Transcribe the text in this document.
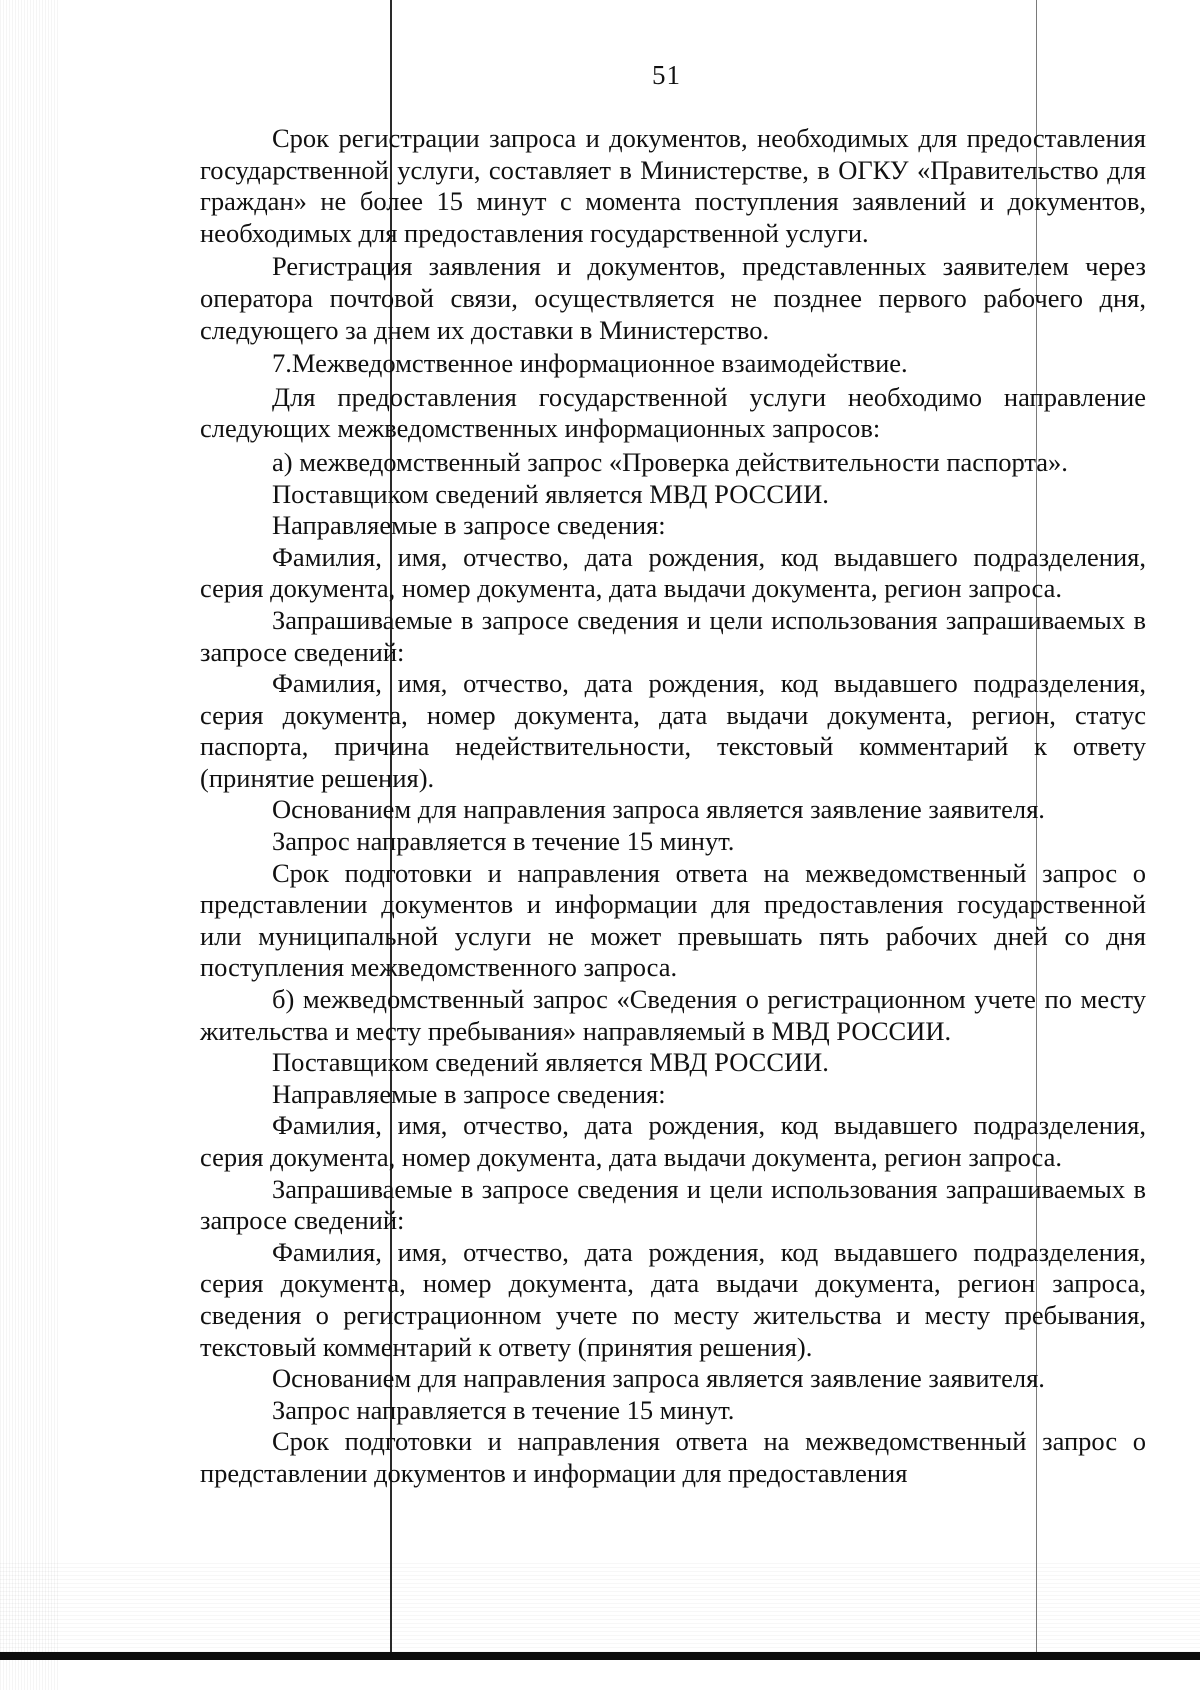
51

Срок регистрации запроса и документов, необходимых для предоставления государственной услуги, составляет в Министерстве, в ОГКУ «Правительство для граждан» не более 15 минут с момента поступления заявлений и документов, необходимых для предоставления государственной услуги.

Регистрация заявления и документов, представленных заявителем через оператора почтовой связи, осуществляется не позднее первого рабочего дня, следующего за днем их доставки в Министерство.

7.Межведомственное информационное взаимодействие.

Для предоставления государственной услуги необходимо направление следующих межведомственных информационных запросов:

а) межведомственный запрос «Проверка действительности паспорта».

Поставщиком сведений является МВД РОССИИ.

Направляемые в запросе сведения:

Фамилия, имя, отчество, дата рождения, код выдавшего подразделения, серия документа, номер документа, дата выдачи документа, регион запроса.

Запрашиваемые в запросе сведения и цели использования запрашиваемых в запросе сведений:

Фамилия, имя, отчество, дата рождения, код выдавшего подразделения, серия документа, номер документа, дата выдачи документа, регион, статус паспорта, причина недействительности, текстовый комментарий к ответу (принятие решения).

Основанием для направления запроса является заявление заявителя.

Запрос направляется в течение 15 минут.

Срок подготовки и направления ответа на межведомственный запрос о представлении документов и информации для предоставления государственной или муниципальной услуги не может превышать пять рабочих дней со дня поступления межведомственного запроса.

б) межведомственный запрос «Сведения о регистрационном учете по месту жительства и месту пребывания» направляемый в МВД РОССИИ.

Поставщиком сведений является МВД РОССИИ.

Направляемые в запросе сведения:

Фамилия, имя, отчество, дата рождения, код выдавшего подразделения, серия документа, номер документа, дата выдачи документа, регион запроса.

Запрашиваемые в запросе сведения и цели использования запрашиваемых в запросе сведений:

Фамилия, имя, отчество, дата рождения, код выдавшего подразделения, серия документа, номер документа, дата выдачи документа, регион запроса, сведения о регистрационном учете по месту жительства и месту пребывания, текстовый комментарий к ответу (принятия решения).

Основанием для направления запроса является заявление заявителя.

Запрос направляется в течение 15 минут.

Срок подготовки и направления ответа на межведомственный запрос о представлении документов и информации для предоставления
